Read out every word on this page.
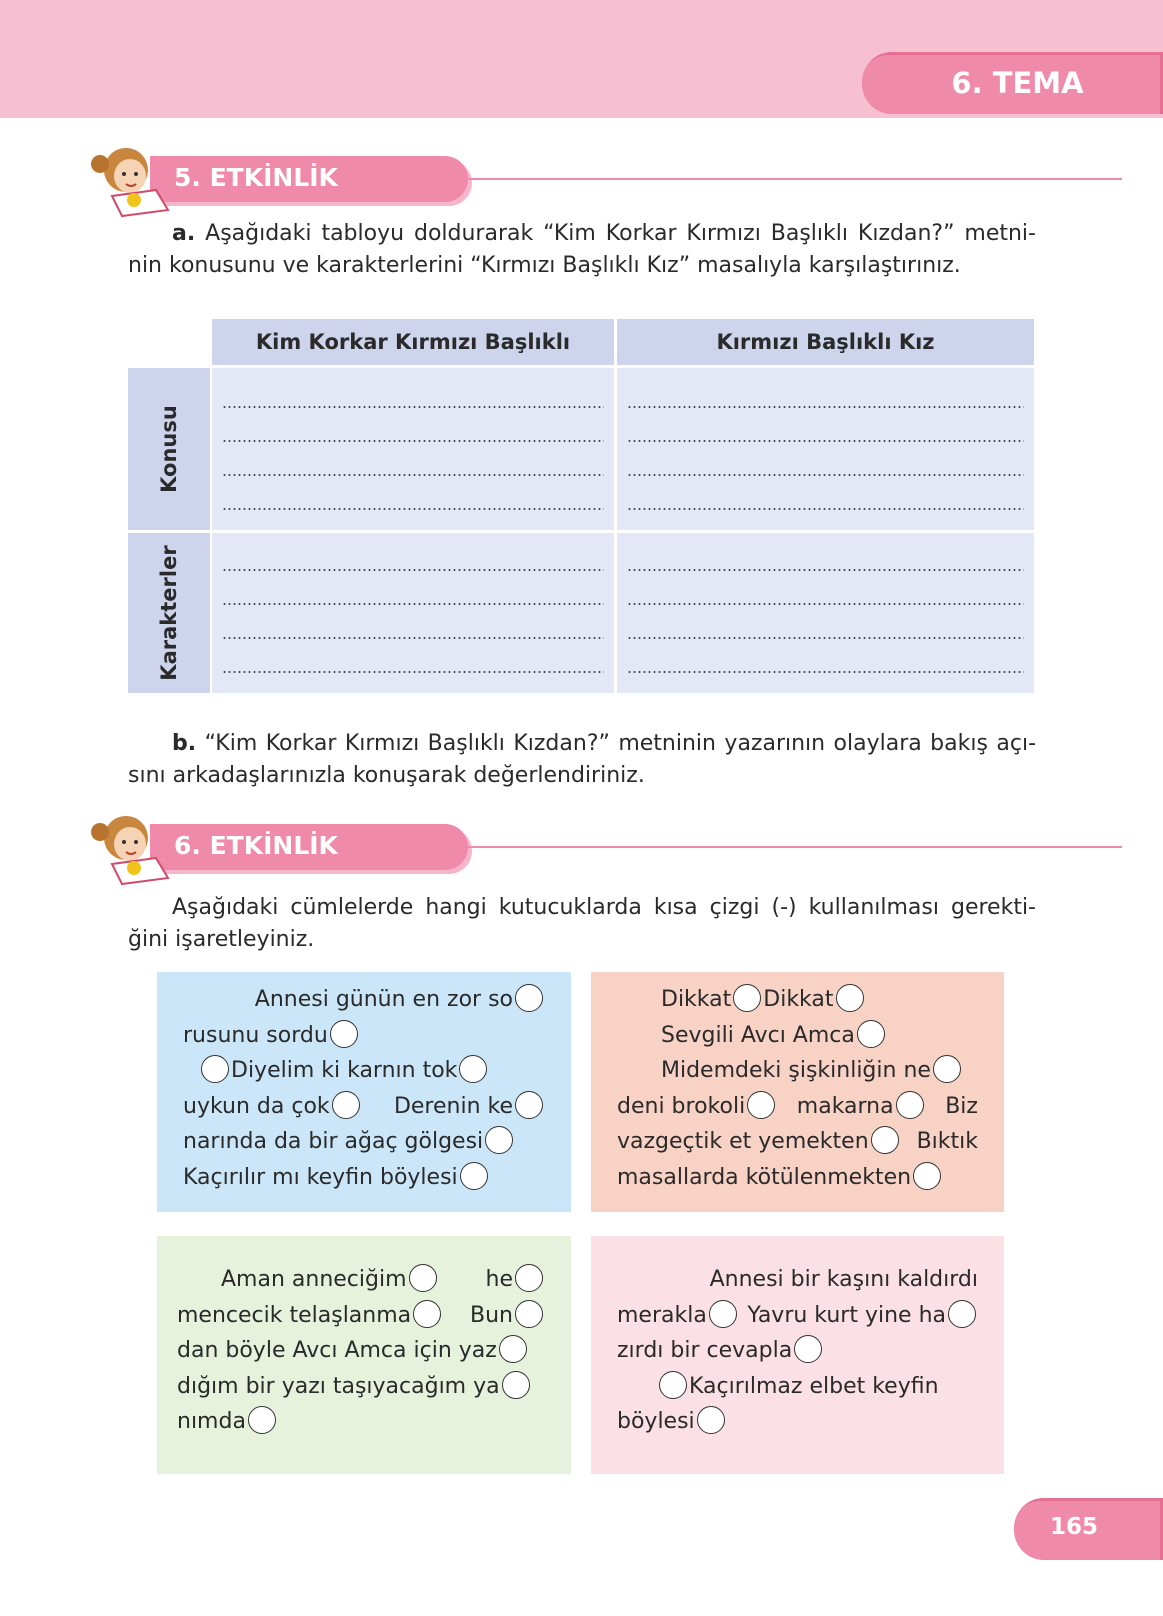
6. TEMA
5. ETKİNLİK
a. Aşağıdaki tabloyu doldurarak “Kim Korkar Kırmızı Başlıklı Kızdan?” metni-
nin konusunu ve karakterlerini “Kırmızı Başlıklı Kız” masalıyla karşılaştırınız.
Kim Korkar Kırmızı Başlıklı	Kırmızı Başlıklı Kız
Konusu
Karakterler
b. “Kim Korkar Kırmızı Başlıklı Kızdan?” metninin yazarının olaylara bakış açı-
sını arkadaşlarınızla konuşarak değerlendiriniz.
6. ETKİNLİK
Aşağıdaki cümlelerde hangi kutucuklarda kısa çizgi (-) kullanılması gerekti-
ğini işaretleyiniz.
Annesi günün en zor so
rusunu sordu
Diyelim ki karnın tok
uykun da çok	Derenin ke
narında da bir ağaç gölgesi
Kaçırılır mı keyfin böylesi
Dikkat Dikkat
Sevgili Avcı Amca
Midemdeki şişkinliğin ne
deni brokoli	makarna	Biz
vazgeçtik et yemekten	Bıktık
masallarda kötülenmekten
Aman anneciğim	he
mencecik telaşlanma	Bun
dan böyle Avcı Amca için yaz
dığım bir yazı taşıyacağım ya
nımda
Annesi bir kaşını kaldırdı
merakla	Yavru kurt yine ha
zırdı bir cevapla
Kaçırılmaz elbet keyfin
böylesi
165
